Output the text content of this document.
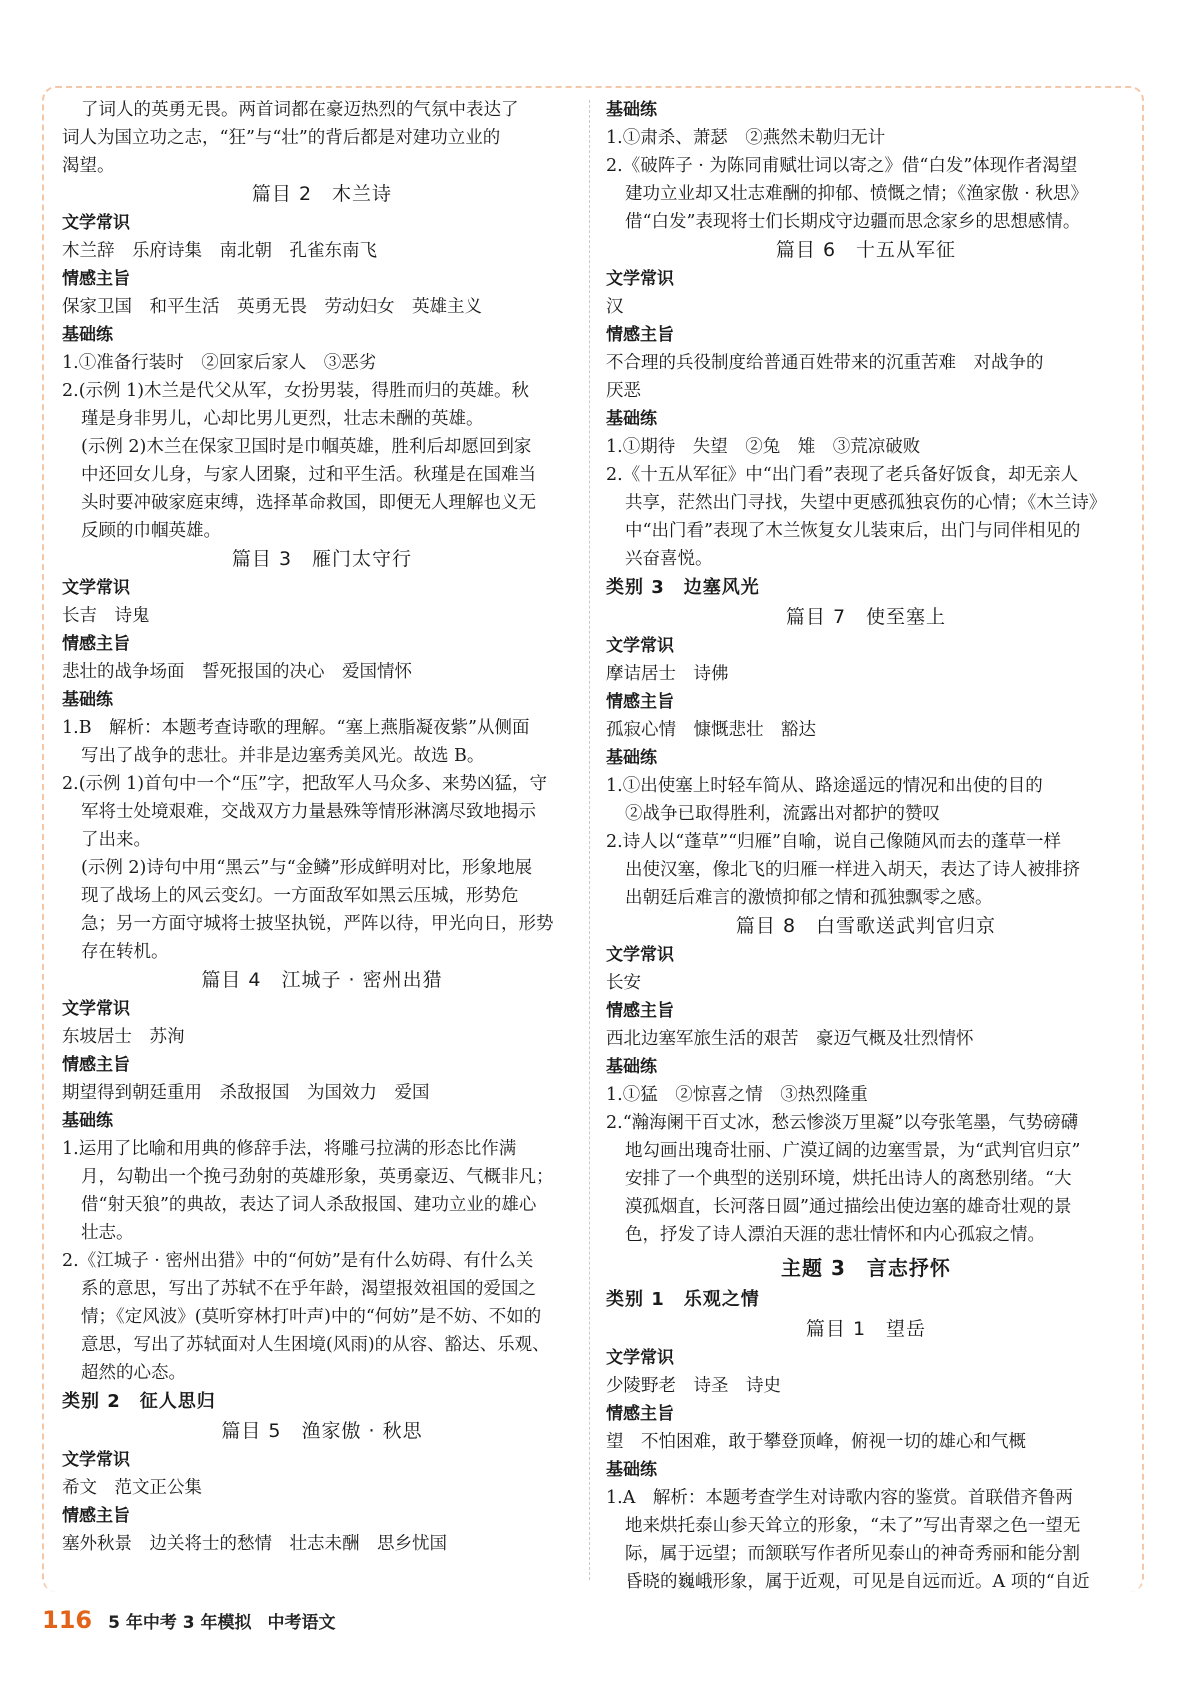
了词人的英勇无畏。两首词都在豪迈热烈的气氛中表达了

词人为国立功之志，“狂”与“壮”的背后都是对建功立业的

渴望。

篇目 2　木兰诗

文学常识

木兰辞　乐府诗集　南北朝　孔雀东南飞

情感主旨

保家卫国　和平生活　英勇无畏　劳动妇女　英雄主义

基础练

1.①准备行装时　②回家后家人　③恶劣

2.(示例 1)木兰是代父从军，女扮男装，得胜而归的英雄。秋

瑾是身非男儿，心却比男儿更烈，壮志未酬的英雄。

(示例 2)木兰在保家卫国时是巾帼英雄，胜利后却愿回到家

中还回女儿身，与家人团聚，过和平生活。秋瑾是在国难当

头时要冲破家庭束缚，选择革命救国，即便无人理解也义无

反顾的巾帼英雄。

篇目 3　雁门太守行

文学常识

长吉　诗鬼

情感主旨

悲壮的战争场面　誓死报国的决心　爱国情怀

基础练

1.B　解析：本题考查诗歌的理解。“塞上燕脂凝夜紫”从侧面

写出了战争的悲壮。并非是边塞秀美风光。故选 B。

2.(示例 1)首句中一个“压”字，把敌军人马众多、来势凶猛，守

军将士处境艰难，交战双方力量悬殊等情形淋漓尽致地揭示

了出来。

(示例 2)诗句中用“黑云”与“金鳞”形成鲜明对比，形象地展

现了战场上的风云变幻。一方面敌军如黑云压城，形势危

急；另一方面守城将士披坚执锐，严阵以待，甲光向日，形势

存在转机。

篇目 4　江城子 · 密州出猎

文学常识

东坡居士　苏洵

情感主旨

期望得到朝廷重用　杀敌报国　为国效力　爱国

基础练

1.运用了比喻和用典的修辞手法，将雕弓拉满的形态比作满

月，勾勒出一个挽弓劲射的英雄形象，英勇豪迈、气概非凡；

借“射天狼”的典故，表达了词人杀敌报国、建功立业的雄心

壮志。

2.《江城子 · 密州出猎》中的“何妨”是有什么妨碍、有什么关

系的意思，写出了苏轼不在乎年龄，渴望报效祖国的爱国之

情；《定风波》(莫听穿林打叶声)中的“何妨”是不妨、不如的

意思，写出了苏轼面对人生困境(风雨)的从容、豁达、乐观、

超然的心态。

类别 2　征人思归

篇目 5　渔家傲 · 秋思

文学常识

希文　范文正公集

情感主旨

塞外秋景　边关将士的愁情　壮志未酬　思乡忧国

基础练

1.①肃杀、萧瑟　②燕然未勒归无计

2.《破阵子 · 为陈同甫赋壮词以寄之》借“白发”体现作者渴望

建功立业却又壮志难酬的抑郁、愤慨之情；《渔家傲 · 秋思》

借“白发”表现将士们长期戍守边疆而思念家乡的思想感情。

篇目 6　十五从军征

文学常识

汉

情感主旨

不合理的兵役制度给普通百姓带来的沉重苦难　对战争的

厌恶

基础练

1.①期待　失望　②兔　雉　③荒凉破败

2.《十五从军征》中“出门看”表现了老兵备好饭食，却无亲人

共享，茫然出门寻找，失望中更感孤独哀伤的心情；《木兰诗》

中“出门看”表现了木兰恢复女儿装束后，出门与同伴相见的

兴奋喜悦。

类别 3　边塞风光

篇目 7　使至塞上

文学常识

摩诘居士　诗佛

情感主旨

孤寂心情　慷慨悲壮　豁达

基础练

1.①出使塞上时轻车简从、路途遥远的情况和出使的目的

②战争已取得胜利，流露出对都护的赞叹

2.诗人以“蓬草”“归雁”自喻，说自己像随风而去的蓬草一样

出使汉塞，像北飞的归雁一样进入胡天，表达了诗人被排挤

出朝廷后难言的激愤抑郁之情和孤独飘零之感。

篇目 8　白雪歌送武判官归京

文学常识

长安

情感主旨

西北边塞军旅生活的艰苦　豪迈气概及壮烈情怀

基础练

1.①猛　②惊喜之情　③热烈隆重

2.“瀚海阑干百丈冰，愁云惨淡万里凝”以夸张笔墨，气势磅礴

地勾画出瑰奇壮丽、广漠辽阔的边塞雪景，为“武判官归京”

安排了一个典型的送别环境，烘托出诗人的离愁别绪。“大

漠孤烟直，长河落日圆”通过描绘出使边塞的雄奇壮观的景

色，抒发了诗人漂泊天涯的悲壮情怀和内心孤寂之情。

主题 3　言志抒怀

类别 1　乐观之情

篇目 1　望岳

文学常识

少陵野老　诗圣　诗史

情感主旨

望　不怕困难，敢于攀登顶峰，俯视一切的雄心和气概

基础练

1.A　解析：本题考查学生对诗歌内容的鉴赏。首联借齐鲁两

地来烘托泰山参天耸立的形象，“未了”写出青翠之色一望无

际，属于远望；而颔联写作者所见泰山的神奇秀丽和能分割

昏晓的巍峨形象，属于近观，可见是自远而近。A 项的“自近

116 5 年中考 3 年模拟 中考语文
